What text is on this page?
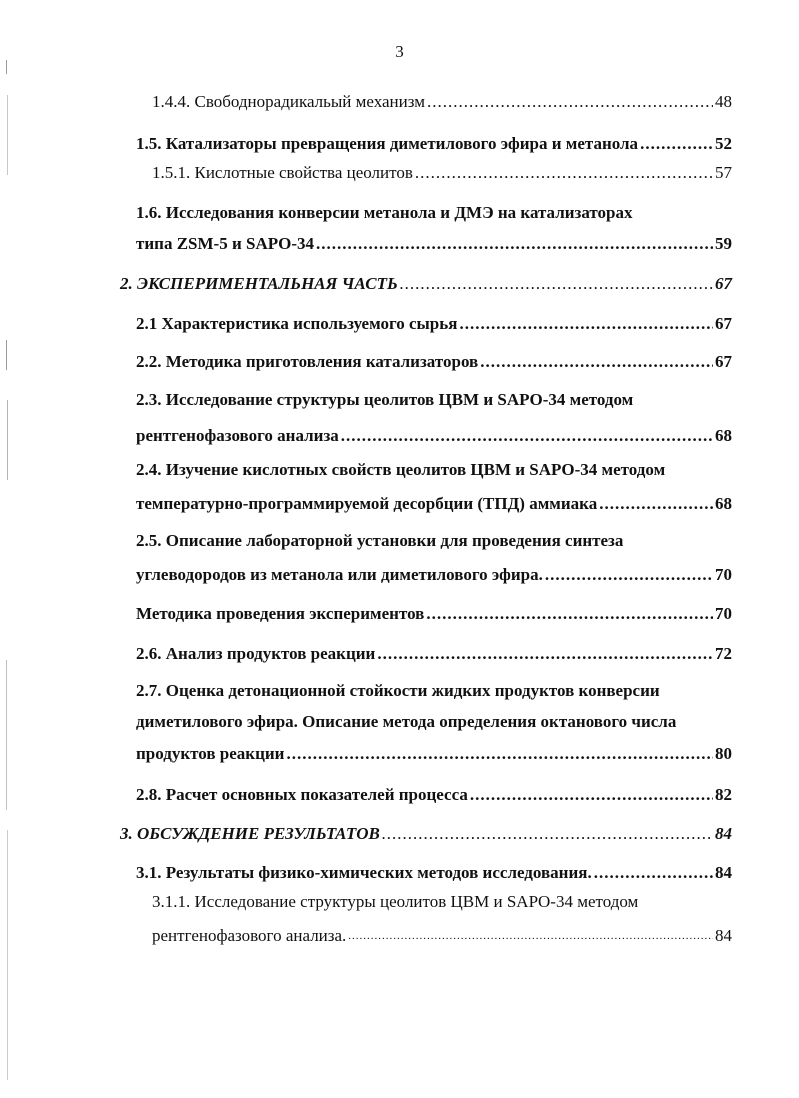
3
1.4.4. Свободнорадикальый механизм .....	48
1.5. Катализаторы превращения диметилового эфира и метанола .....	52
1.5.1. Кислотные свойства цеолитов .....	57
1.6. Исследования конверсии метанола и ДМЭ на катализаторах
типа ZSM-5 и SAPO-34 .....	59
2. ЭКСПЕРИМЕНТАЛЬНАЯ ЧАСТЬ .....	67
2.1 Характеристика используемого сырья .....	67
2.2. Методика приготовления катализаторов .....	67
2.3. Исследование структуры цеолитов ЦВМ и SAPO-34 методом
рентгенофазового анализа .....	68
2.4. Изучение кислотных свойств цеолитов ЦВМ и SAPO-34 методом
температурно-программируемой десорбции (ТПД) аммиака .....	68
2.5. Описание лабораторной установки для проведения синтеза
углеводородов из метанола или диметилового эфира. .....	70
Методика проведения экспериментов .....	70
2.6. Анализ продуктов реакции .....	72
2.7. Оценка детонационной стойкости жидких продуктов конверсии
диметилового эфира. Описание метода определения октанового числа
продуктов реакции .....	80
2.8. Расчет основных показателей процесса .....	82
3. ОБСУЖДЕНИЕ РЕЗУЛЬТАТОВ .....	84
3.1. Результаты физико-химических методов исследования. .....	84
3.1.1. Исследование структуры цеолитов ЦВМ и SAPO-34 методом
рентгенофазового анализа. .....	84
